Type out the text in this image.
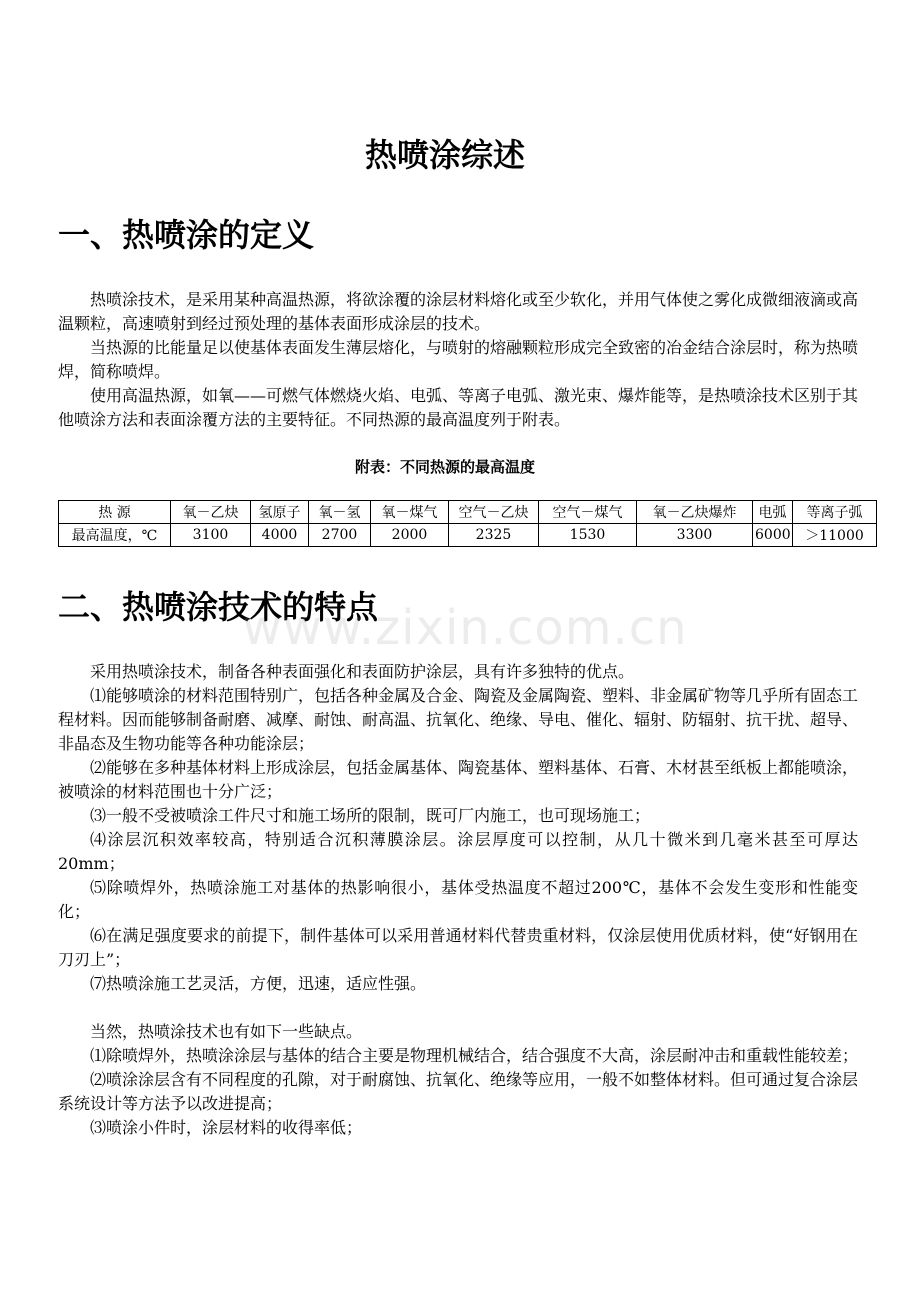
热喷涂综述
一、热喷涂的定义

热喷涂技术，是采用某种高温热源，将欲涂覆的涂层材料熔化或至少软化，并用气体使之雾化成微细液滴或高温颗粒，高速喷射到经过预处理的基体表面形成涂层的技术。

当热源的比能量足以使基体表面发生薄层熔化，与喷射的熔融颗粒形成完全致密的冶金结合涂层时，称为热喷焊，简称喷焊。

使用高温热源，如氧——可燃气体燃烧火焰、电弧、等离子电弧、激光束、爆炸能等，是热喷涂技术区别于其他喷涂方法和表面涂覆方法的主要特征。不同热源的最高温度列于附表。

附表：不同热源的最高温度
热 源	氧－乙炔	氢原子	氧－氢	氧－煤气	空气－乙炔	空气－煤气	氧－乙炔爆炸	电弧	等离子弧
最高温度，℃	3100	4000	2700	2000	2325	1530	3300	6000	＞11000
二、热喷涂技术的特点
www.zixin.com.cn

采用热喷涂技术，制备各种表面强化和表面防护涂层，具有许多独特的优点。

⑴能够喷涂的材料范围特别广，包括各种金属及合金、陶瓷及金属陶瓷、塑料、非金属矿物等几乎所有固态工程材料。因而能够制备耐磨、减摩、耐蚀、耐高温、抗氧化、绝缘、导电、催化、辐射、防辐射、抗干扰、超导、非晶态及生物功能等各种功能涂层；

⑵能够在多种基体材料上形成涂层，包括金属基体、陶瓷基体、塑料基体、石膏、木材甚至纸板上都能喷涂，被喷涂的材料范围也十分广泛；

⑶一般不受被喷涂工件尺寸和施工场所的限制，既可厂内施工，也可现场施工；

⑷涂层沉积效率较高，特别适合沉积薄膜涂层。涂层厚度可以控制，从几十微米到几毫米甚至可厚达20mm；

⑸除喷焊外，热喷涂施工对基体的热影响很小，基体受热温度不超过200℃，基体不会发生变形和性能变化；

⑹在满足强度要求的前提下，制件基体可以采用普通材料代替贵重材料，仅涂层使用优质材料，使“好钢用在刀刃上”；

⑺热喷涂施工艺灵活，方便，迅速，适应性强。

当然，热喷涂技术也有如下一些缺点。

⑴除喷焊外，热喷涂涂层与基体的结合主要是物理机械结合，结合强度不大高，涂层耐冲击和重载性能较差；

⑵喷涂涂层含有不同程度的孔隙，对于耐腐蚀、抗氧化、绝缘等应用，一般不如整体材料。但可通过复合涂层系统设计等方法予以改进提高；

⑶喷涂小件时，涂层材料的收得率低；
